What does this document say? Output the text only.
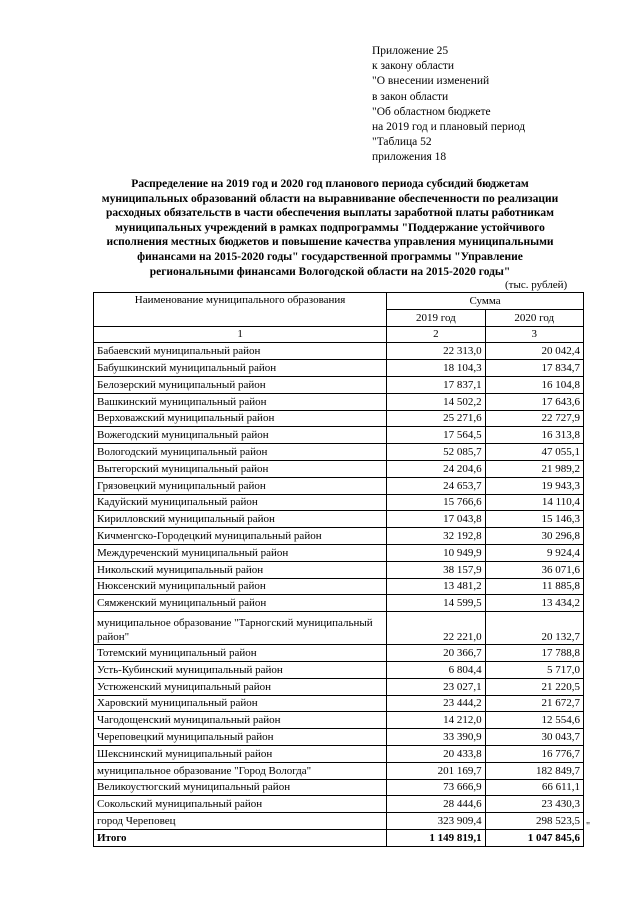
Приложение 25
к закону области
"О внесении изменений
в закон области
"Об областном бюджете
на 2019 год и плановый период
"Таблица 52
приложения 18
Распределение на 2019 год и 2020 год планового периода субсидий бюджетам
муниципальных образований области на выравнивание обеспеченности по реализации
расходных обязательств в части обеспечения выплаты заработной платы работникам
муниципальных учреждений в рамках подпрограммы "Поддержание устойчивого
исполнения местных бюджетов и повышение качества управления муниципальными
финансами на 2015-2020 годы" государственной программы "Управление
региональными финансами Вологодской области на 2015-2020 годы"
(тыс. рублей)
Наименование муниципального образования	Сумма	
	2019 год	2020 год
1	2	3
Бабаевский муниципальный район	22 313,0	20 042,4
Бабушкинский муниципальный район	18 104,3	17 834,7
Белозерский муниципальный район	17 837,1	16 104,8
Вашкинский муниципальный район	14 502,2	17 643,6
Верховажский муниципальный район	25 271,6	22 727,9
Вожегодский муниципальный район	17 564,5	16 313,8
Вологодский муниципальный район	52 085,7	47 055,1
Вытегорский муниципальный район	24 204,6	21 989,2
Грязовецкий муниципальный район	24 653,7	19 943,3
Кадуйский муниципальный район	15 766,6	14 110,4
Кирилловский муниципальный район	17 043,8	15 146,3
Кичменгско-Городецкий муниципальный район	32 192,8	30 296,8
Междуреченский муниципальный район	10 949,9	9 924,4
Никольский муниципальный район	38 157,9	36 071,6
Нюксенский муниципальный район	13 481,2	11 885,8
Сямженский муниципальный район	14 599,5	13 434,2
муниципальное образование "Тарногский муниципальный район"	22 221,0	20 132,7
Тотемский муниципальный район	20 366,7	17 788,8
Усть-Кубинский муниципальный район	6 804,4	5 717,0
Устюженский муниципальный район	23 027,1	21 220,5
Харовский муниципальный район	23 444,2	21 672,7
Чагодощенский муниципальный район	14 212,0	12 554,6
Череповецкий муниципальный район	33 390,9	30 043,7
Шекснинский муниципальный район	20 433,8	16 776,7
муниципальное образование "Город Вологда"	201 169,7	182 849,7
Великоустюгский муниципальный район	73 666,9	66 611,1
Сокольский муниципальный район	28 444,6	23 430,3
город Череповец	323 909,4	298 523,5
Итого	1 149 819,1	1 047 845,6
"
